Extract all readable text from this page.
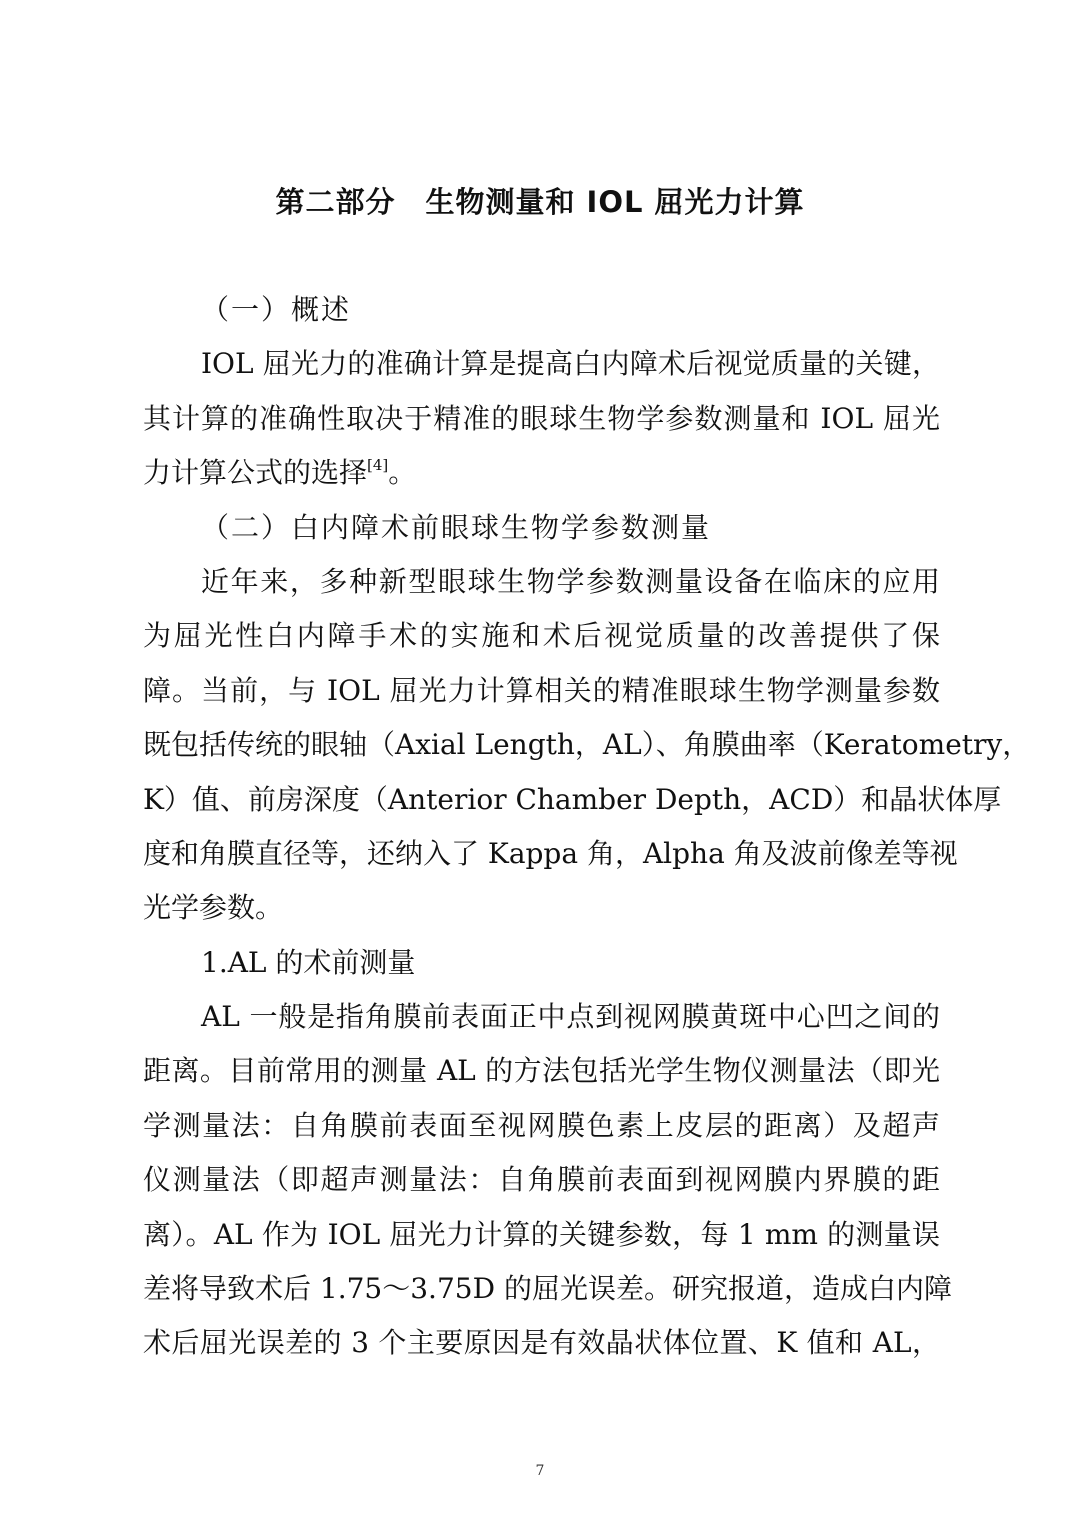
第二部分　生物测量和 IOL 屈光力计算
（一）概述
IOL 屈光力的准确计算是提高白内障术后视觉质量的关键，
其计算的准确性取决于精准的眼球生物学参数测量和 IOL 屈光
力计算公式的选择[4]。
（二）白内障术前眼球生物学参数测量
近年来，多种新型眼球生物学参数测量设备在临床的应用
为屈光性白内障手术的实施和术后视觉质量的改善提供了保
障。当前，与 IOL 屈光力计算相关的精准眼球生物学测量参数
既包括传统的眼轴（Axial Length，AL）、角膜曲率（Keratometry，
K）值、前房深度（Anterior Chamber Depth，ACD）和晶状体厚
度和角膜直径等，还纳入了 Kappa 角，Alpha 角及波前像差等视
光学参数。
1.AL 的术前测量
AL 一般是指角膜前表面正中点到视网膜黄斑中心凹之间的
距离。目前常用的测量 AL 的方法包括光学生物仪测量法（即光
学测量法：自角膜前表面至视网膜色素上皮层的距离）及超声
仪测量法（即超声测量法：自角膜前表面到视网膜内界膜的距
离）。AL 作为 IOL 屈光力计算的关键参数，每 1 mm 的测量误
差将导致术后 1.75～3.75D 的屈光误差。研究报道，造成白内障
术后屈光误差的 3 个主要原因是有效晶状体位置、K 值和 AL，
7
